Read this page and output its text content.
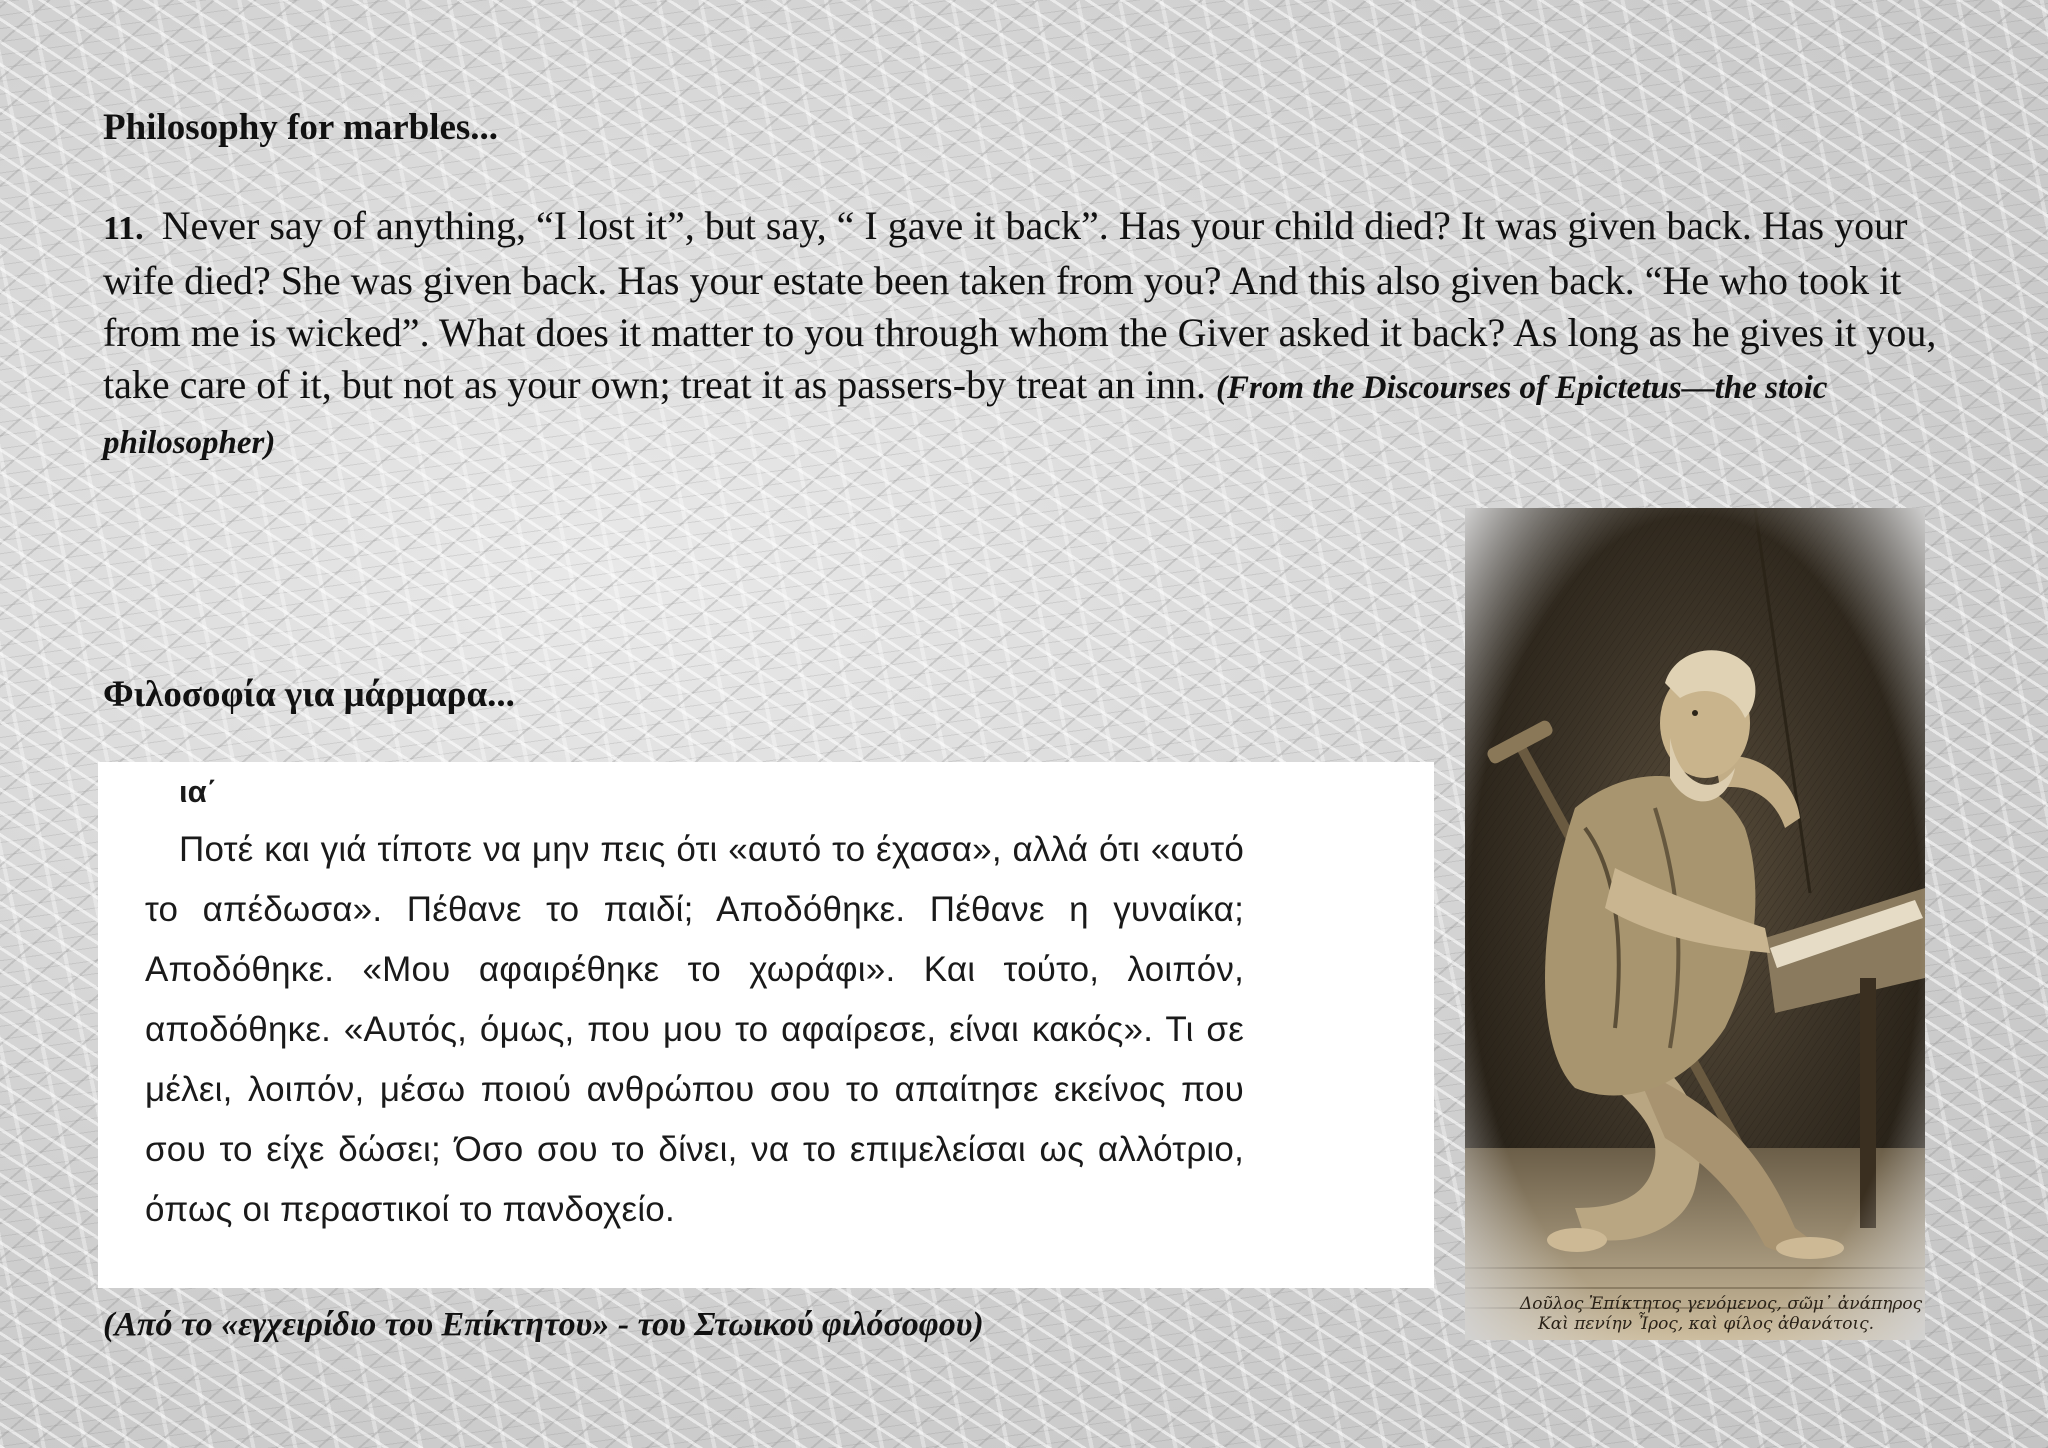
Philosophy for marbles...

11. Never say of anything, “I lost it”, but say, “ I gave it back”. Has your child died? It was given back. Has your wife died? She was given back. Has your estate been taken from you? And this also given back. “He who took it from me is wicked”. What does it matter to you through whom the Giver asked it back? As long as he gives it you, take care of it, but not as your own; treat it as passers-by treat an inn. (From the Discourses of Epictetus—the stoic philosopher)

Φιλοσοφία για μάρμαρα...
ια΄

Ποτέ και γιά τίποτε να μην πεις ότι «αυτό το έχασα», αλλά ότι «αυτό το απέδωσα». Πέθανε το παιδί; Αποδόθηκε. Πέθανε η γυναίκα; Αποδόθηκε. «Μου αφαιρέθηκε το χωράφι». Και τούτο, λοιπόν, αποδόθηκε. «Αυτός, όμως, που μου το αφαίρεσε, είναι κακός». Τι σε μέλει, λοιπόν, μέσω ποιού ανθρώπου σου το απαίτησε εκείνος που σου το είχε δώσει; Όσο σου το δίνει, να το επιμελείσαι ως αλλότριο, όπως οι περαστικοί το πανδοχείο.

(Από το «εγχειρίδιο του Επίκτητου» - του Στωικού φιλόσοφου)
Δοῦλος Ἐπίκτητος γενόμενος, σῶμ᾽ ἀνάπηρος
Καὶ πενίην Ἶρος, καὶ φίλος ἀθανάτοις.
